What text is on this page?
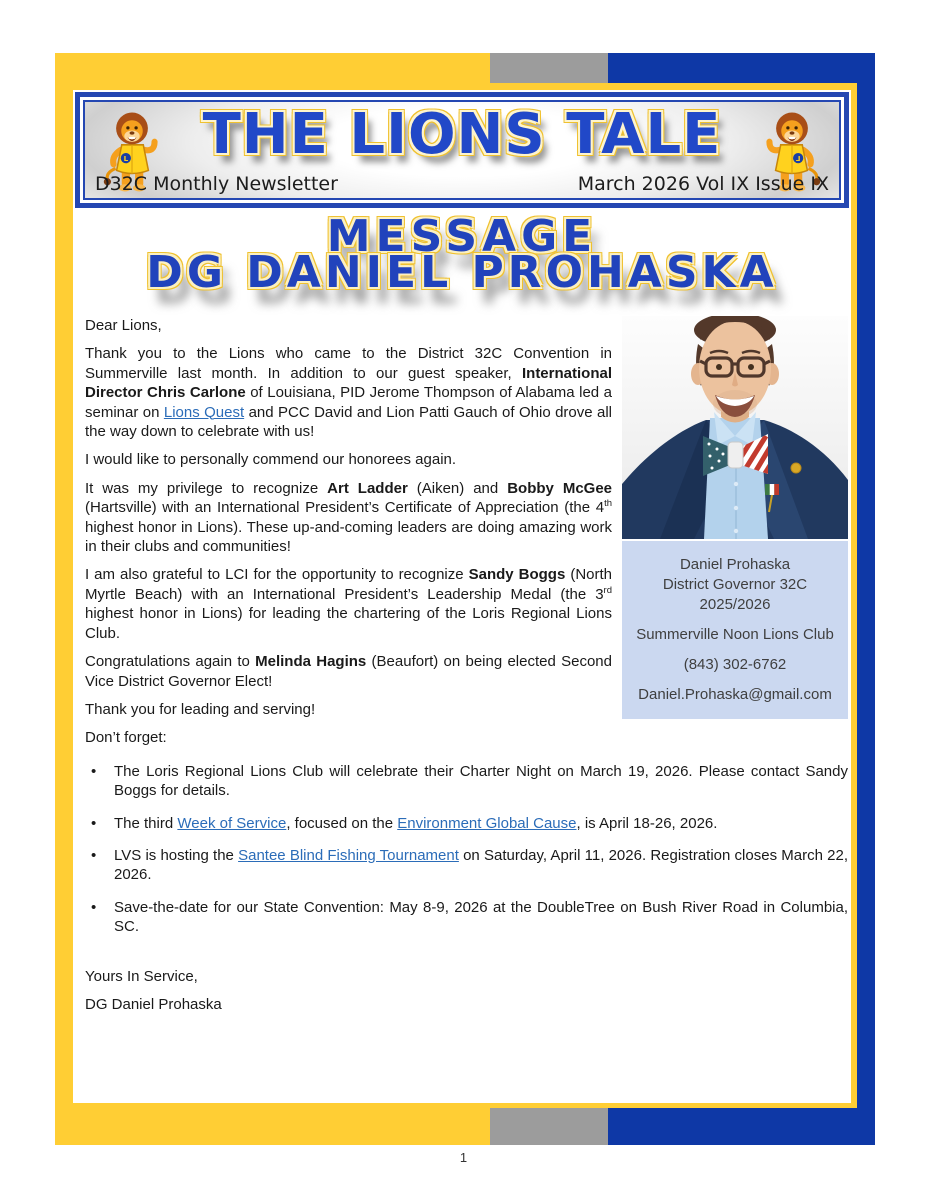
L	THE LIONS TALE	L
D32C Monthly Newsletter	March 2026 Vol IX Issue IX
MESSAGE
DG DANIEL PROHASKA
Daniel Prohaska
District Governor 32C
2025/2026
Summerville Noon Lions Club
(843) 302-6762
Daniel.Prohaska@gmail.com

Dear Lions,

Thank you to the Lions who came to the District 32C Convention in Summerville last month. In addition to our guest speaker, International Director Chris Carlone of Louisiana, PID Jerome Thompson of Alabama led a seminar on Lions Quest and PCC David and Lion Patti Gauch of Ohio drove all the way down to celebrate with us!

I would like to personally commend our honorees again.

It was my privilege to recognize Art Ladder (Aiken) and Bobby McGee (Hartsville) with an International President’s Certificate of Appreciation (the 4th highest honor in Lions). These up-and-coming leaders are doing amazing work in their clubs and communities!

I am also grateful to LCI for the opportunity to recognize Sandy Boggs (North Myrtle Beach) with an International President’s Leadership Medal (the 3rd highest honor in Lions) for leading the chartering of the Loris Regional Lions Club.

Congratulations again to Melinda Hagins (Beaufort) on being elected Second Vice District Governor Elect!

Thank you for leading and serving!

Don’t forget:

• The Loris Regional Lions Club will celebrate their Charter Night on March 19, 2026. Please contact Sandy Boggs for details.
• The third Week of Service, focused on the Environment Global Cause, is April 18-26, 2026.
• LVS is hosting the Santee Blind Fishing Tournament on Saturday, April 11, 2026. Registration closes March 22, 2026.
• Save-the-date for our State Convention: May 8-9, 2026 at the DoubleTree on Bush River Road in Columbia, SC.

Yours In Service,

DG Daniel Prohaska

1
